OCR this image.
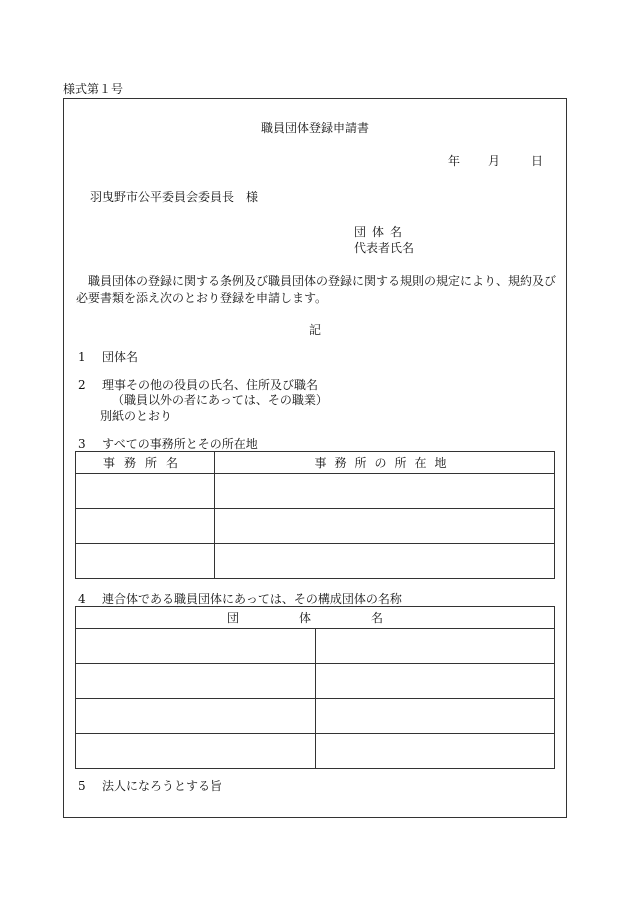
様式第１号
職員団体登録申請書
年 月	日
羽曳野市公平委員会委員長　様
団体名
代表者氏名
職員団体の登録に関する条例及び職員団体の登録に関する規則の規定により、規約及び必要書類を添え次のとおり登録を申請します。
記
1 団体名
2 理事その他の役員の氏名、住所及び職名
（職員以外の者にあっては、その職業）
別紙のとおり
3 すべての事務所とその所在地
事務所名	事務所の所在地

4 連合体である職員団体にあっては、その構成団体の名称
団体名	

5 法人になろうとする旨
